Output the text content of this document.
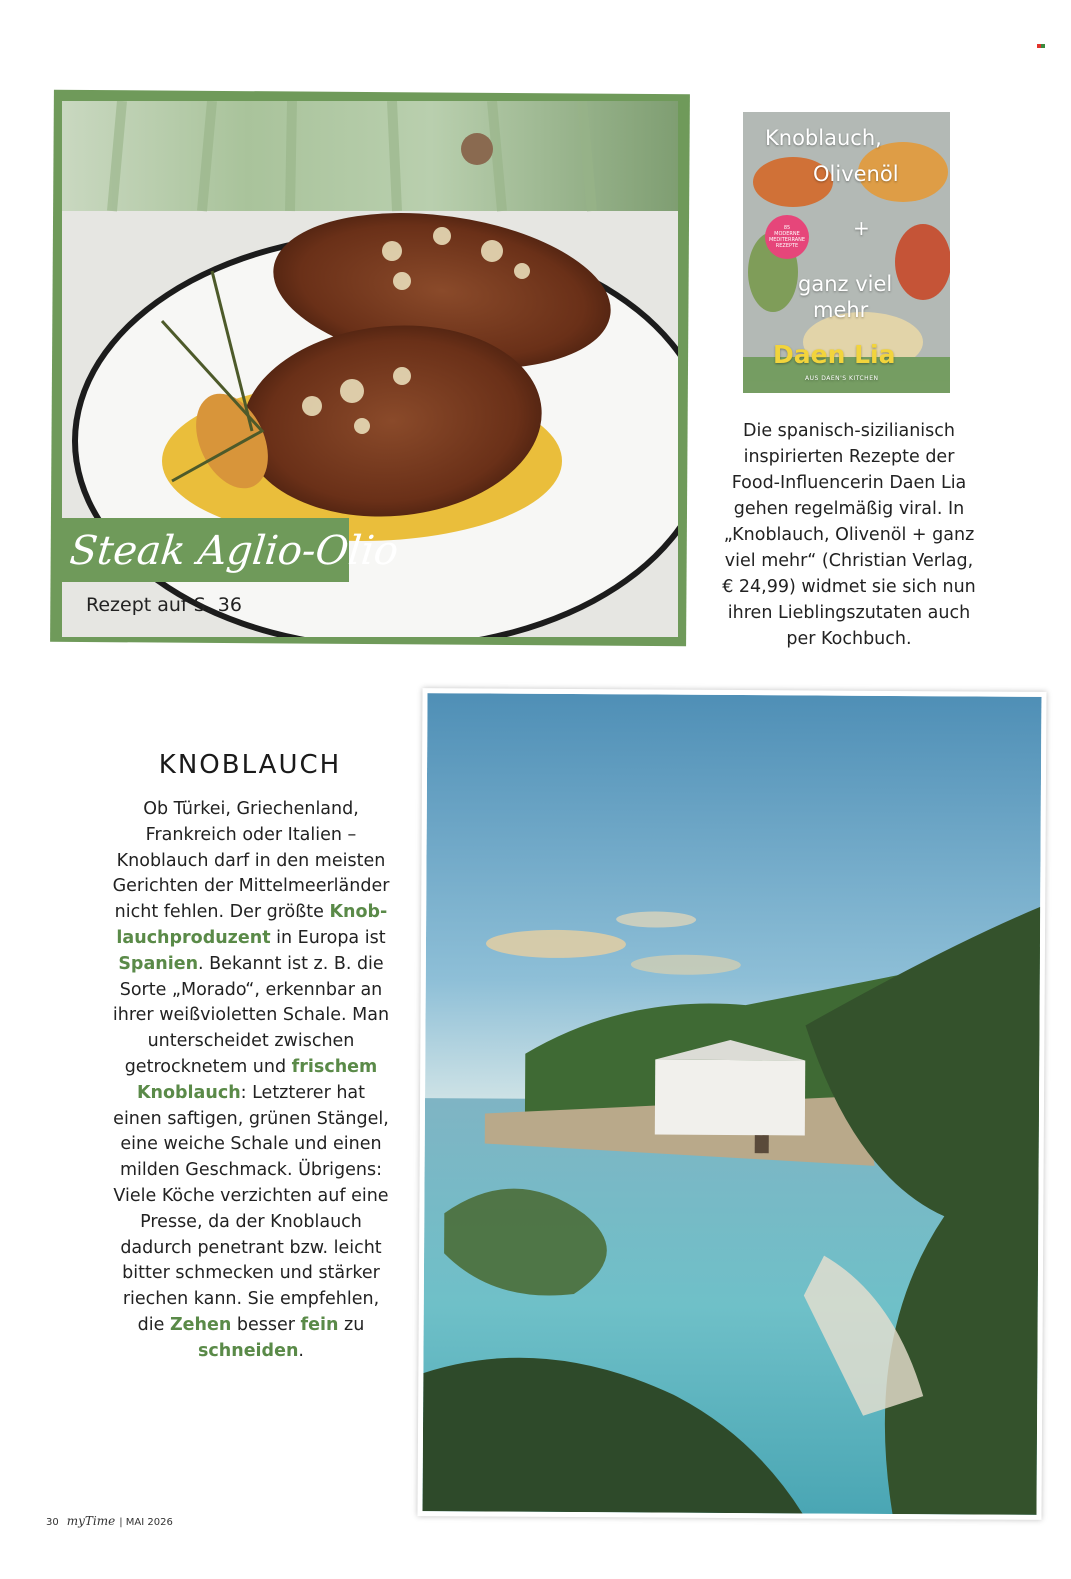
Steak Aglio-Olio
Rezept auf S. 36
Knoblauch,
Olivenöl
+
ganz viel
mehr
Daen Lia
AUS DAEN'S KITCHEN
85
MODERNE
MEDITERRANE
REZEPTE
Die spanisch-sizilianisch inspirierten Rezepte der Food-Influencerin Daen Lia gehen regelmäßig viral. In „Knoblauch, Olivenöl + ganz viel mehr“ (Christian Verlag, € 24,99) widmet sie sich nun ihren Lieblingszutaten auch per Kochbuch.
KNOBLAUCH
Ob Türkei, Griechenland, Frankreich oder Italien – Knoblauch darf in den meisten Gerichten der Mittelmeerländer nicht fehlen. Der größte Knoblauchproduzent in Europa ist Spanien. Bekannt ist z. B. die Sorte „Morado“, erkennbar an ihrer weißvioletten Schale. Man unterscheidet zwischen getrocknetem und frischem Knoblauch: Letzterer hat einen saftigen, grünen Stängel, eine weiche Schale und einen milden Geschmack. Übrigens: Viele Köche verzichten auf eine Presse, da der Knoblauch dadurch penetrant bzw. leicht bitter schmecken und stärker riechen kann. Sie empfehlen, die Zehen besser fein zu schneiden.
30 myTime | MAI 2026
